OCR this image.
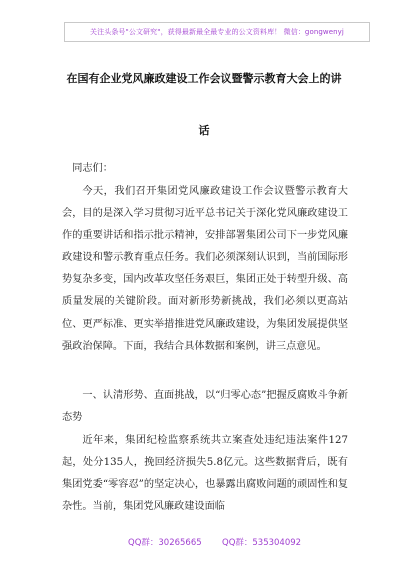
关注头条号"公文研究"，获得最新最全最专业的公文资料库！ 微信：gongwenyj
在国有企业党风廉政建设工作会议暨警示教育大会上的讲
话

同志们：

今天，我们召开集团党风廉政建设工作会议暨警示教育大会，目的是深入学习贯彻习近平总书记关于深化党风廉政建设工作的重要讲话和指示批示精神，安排部署集团公司下一步党风廉政建设和警示教育重点任务。我们必须深刻认识到，当前国际形势复杂多变，国内改革攻坚任务艰巨，集团正处于转型升级、高质量发展的关键阶段。面对新形势新挑战，我们必须以更高站位、更严标准、更实举措推进党风廉政建设，为集团发展提供坚强政治保障。下面，我结合具体数据和案例，讲三点意见。

一、认清形势、直面挑战，以“归零心态”把握反腐败斗争新态势

近年来，集团纪检监察系统共立案查处违纪违法案件127起，处分135人，挽回经济损失5.8亿元。这些数据背后，既有集团党委“零容忍”的坚定决心，也暴露出腐败问题的顽固性和复杂性。当前，集团党风廉政建设面临

QQ群：30265665 QQ群：535304092
